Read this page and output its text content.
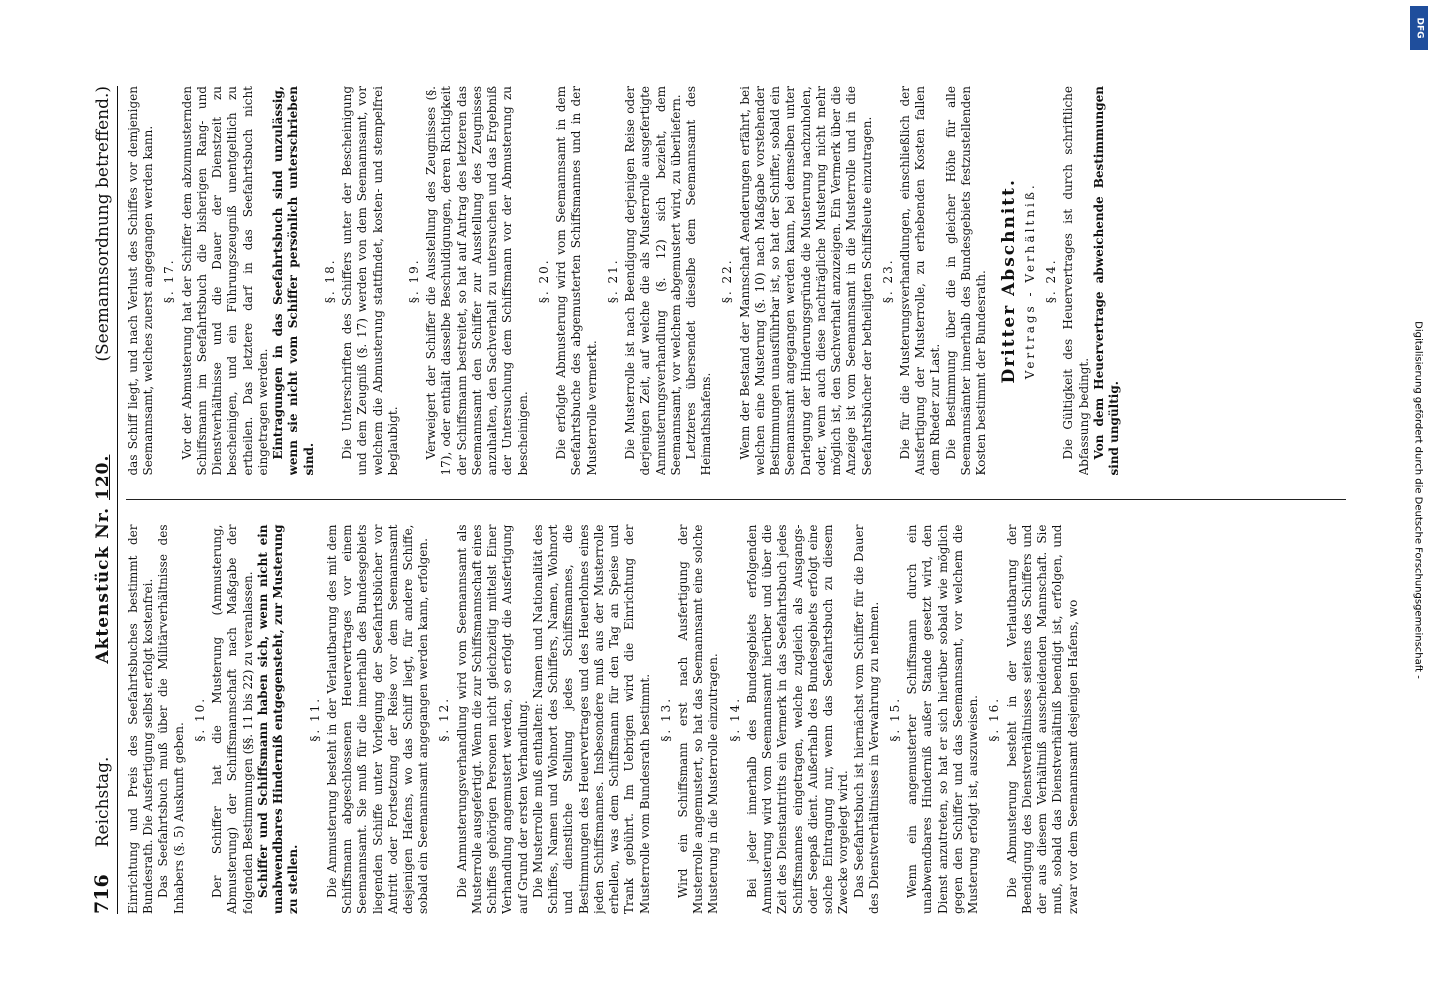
716     Reichstag.
Aktenstück Nr. 120.
(Seemannsordnung betreffend.)

Einrichtung und Preis des Seefahrtsbuches bestimmt der Bundesrath. Die Ausfertigung selbst erfolgt kostenfrei. Das Seefahrtsbuch muß über die Militärverhältnisse des Inhabers (§. 5) Auskunft geben.

§. 10. Der Schiffer hat die Musterung (Anmusterung, Abmusterung) der Schiffsmannschaft nach Maßgabe der folgenden Bestimmungen (§§. 11 bis 22) zu veranlassen. Schiffer und Schiffsmann haben sich, wenn nicht ein unabwendbares Hinderniß entgegensteht, zur Musterung zu stellen.

§. 11. Die Anmusterung besteht in der Verlautbarung des mit dem Schiffsmann abgeschlossenen Heuervertrages vor einem Seemannsamt. Sie muß für die innerhalb des Bundesgebiets liegenden Schiffe unter Vorlegung der Seefahrtsbücher vor Antritt oder Fortsetzung der Reise vor dem Seemannsamt desjenigen Hafens, wo das Schiff liegt, für andere Schiffe, sobald ein Seemannsamt angegangen werden kann, erfolgen. §. 12. Die Anmusterungsverhandlung wird vom Seemannsamt als Musterrolle ausgefertigt. Wenn die zur Schiffsmannschaft eines Schiffes gehörigen Personen nicht gleichzeitig mittelst Einer Verhandlung angemustert werden, so erfolgt die Ausfertigung auf Grund der ersten Verhandlung. Die Musterrolle muß enthalten: Namen und Nationalität des Schiffes, Namen und Wohnort des Schiffers, Namen, Wohnort und dienstliche Stellung jedes Schiffsmannes, die Bestimmungen des Heuervertrages und des Heuerlohnes eines jeden Schiffsmannes. Insbesondere muß aus der Musterrolle erhellen, was dem Schiffsmann für den Tag an Speise und Trank gebührt. Im Uebrigen wird die Einrichtung der Musterrolle vom Bundesrath bestimmt. §. 13. Wird ein Schiffsmann erst nach Ausfertigung der Musterrolle angemustert, so hat das Seemannsamt eine solche Musterung in die Musterrolle einzutragen. §. 14. Bei jeder innerhalb des Bundesgebiets erfolgenden Anmusterung wird vom Seemannsamt hierüber und über die Zeit des Dienstantritts ein Vermerk in das Seefahrtsbuch jedes Schiffsmannes eingetragen, welche zugleich als Ausgangs- oder Seepaß dient. Außerhalb des Bundesgebiets erfolgt eine solche Eintragung nur, wenn das Seefahrtsbuch zu diesem Zwecke vorgelegt wird. Das Seefahrtsbuch ist hiernächst vom Schiffer für die Dauer des Dienstverhältnisses in Verwahrung zu nehmen. §. 15. Wenn ein angemusterter Schiffsmann durch ein unabwendbares Hinderniß außer Stande gesetzt wird, den Dienst anzutreten, so hat er sich hierüber sobald wie möglich gegen den Schiffer und das Seemannsamt, vor welchem die Musterung erfolgt ist, auszuweisen. §. 16. Die Abmusterung besteht in der Verlautbarung der Beendigung des Dienstverhältnisses seitens des Schiffers und der aus diesem Verhältniß ausscheidenden Mannschaft. Sie muß, sobald das Dienstverhältniß beendigt ist, erfolgen, und zwar vor dem Seemannsamt desjenigen Hafens, wo

das Schiff liegt, und nach Verlust des Schiffes vor demjenigen Seemannsamt, welches zuerst angegangen werden kann. §. 17. Vor der Abmusterung hat der Schiffer dem abzumusternden Schiffsmann im Seefahrtsbuch die bisherigen Rang- und Dienstverhältnisse und die Dauer der Dienstzeit zu bescheinigen, und ein Führungszeugniß unentgeltlich zu ertheilen. Das letztere darf in das Seefahrtsbuch nicht eingetragen werden. Eintragungen in das Seefahrtsbuch sind unzulässig, wenn sie nicht vom Schiffer persönlich unterschrieben sind.

§. 18. Die Unterschriften des Schiffers unter der Bescheinigung und dem Zeugniß (§. 17) werden von dem Seemannsamt, vor welchem die Abmusterung stattfindet, kosten- und stempelfrei beglaubigt.

§. 19. Verweigert der Schiffer die Ausstellung des Zeugnisses (§. 17), oder enthält dasselbe Beschuldigungen, deren Richtigkeit der Schiffsmann bestreitet, so hat auf Antrag des letzteren das Seemannsamt den Schiffer zur Ausstellung des Zeugnisses anzuhalten, den Sachverhalt zu untersuchen und das Ergebniß der Untersuchung dem Schiffsmann vor der Abmusterung zu bescheinigen.

§. 20. Die erfolgte Abmusterung wird vom Seemannsamt in dem Seefahrtsbuche des abgemusterten Schiffsmannes und in der Musterrolle vermerkt.

§. 21. Die Musterrolle ist nach Beendigung derjenigen Reise oder derjenigen Zeit, auf welche die als Musterrolle ausgefertigte Anmusterungsverhandlung (§. 12) sich bezieht, dem Seemannsamt, vor welchem abgemustert wird, zu überliefern. Letzteres übersendet dieselbe dem Seemannsamt des Heimathshafens.

§. 22. Wenn der Bestand der Mannschaft Aenderungen erfährt, bei welchen eine Musterung (§. 10) nach Maßgabe vorstehender Bestimmungen unausführbar ist, so hat der Schiffer, sobald ein Seemannsamt angegangen werden kann, bei demselben unter Darlegung der Hinderungsgründe die Musterung nachzuholen, oder, wenn auch diese nachträgliche Musterung nicht mehr möglich ist, den Sachverhalt anzuzeigen. Ein Vermerk über die Anzeige ist vom Seemannsamt in die Musterrolle und in die Seefahrtsbücher der betheiligten Schiffsleute einzutragen. §. 23. Die für die Musterungsverhandlungen, einschließlich der Ausfertigung der Musterrolle, zu erhebenden Kosten fallen dem Rheder zur Last. Die Bestimmung über die in gleicher Höhe für alle Seemannsämter innerhalb des Bundesgebiets festzustellenden Kosten bestimmt der Bundesrath. Dritter Abschnitt. Vertrags - Verhältniß. §. 24. Die Gültigkeit des Heuervertrages ist durch schriftliche Abfassung bedingt. Von dem Heuervertrage abweichende Bestimmungen sind ungültig.

DFG
Digitalisierung gefördert durch die Deutsche Forschungsgemeinschaft -
